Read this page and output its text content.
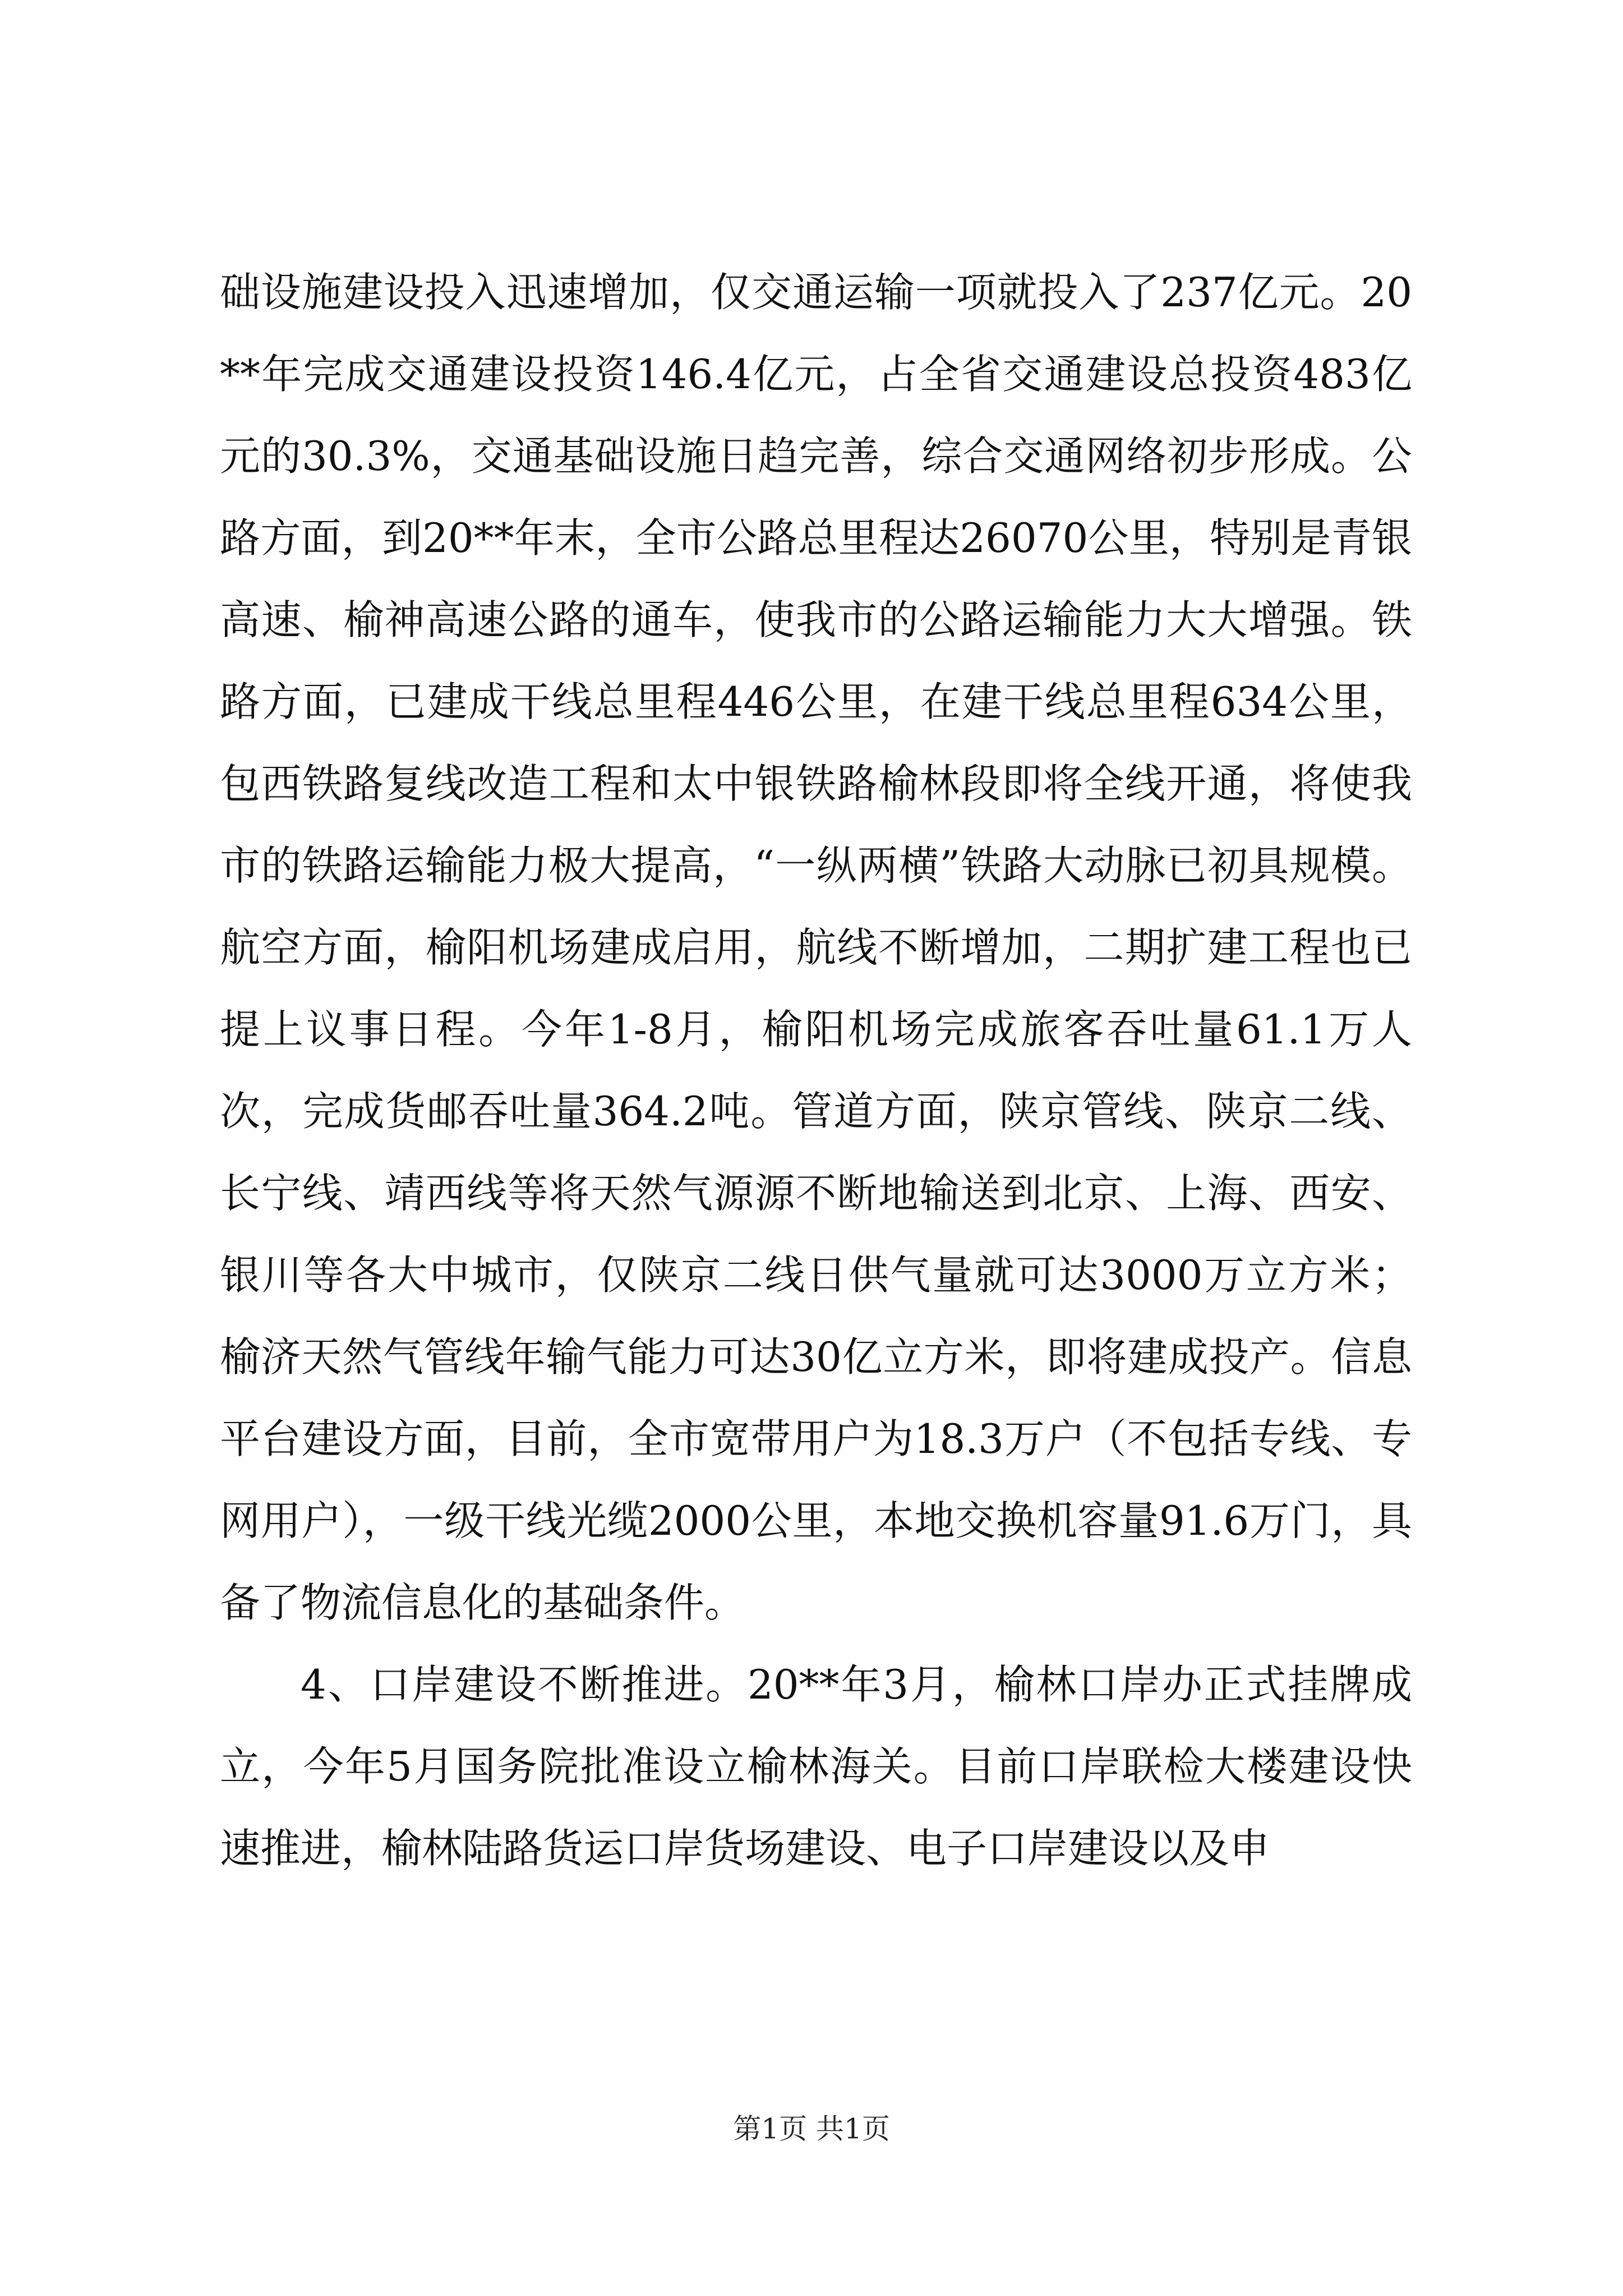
础设施建设投入迅速增加，仅交通运输一项就投入了237亿元。20**年完成交通建设投资146.4亿元，占全省交通建设总投资483亿元的30.3%，交通基础设施日趋完善，综合交通网络初步形成。公路方面，到20**年末，全市公路总里程达26070公里，特别是青银高速、榆神高速公路的通车，使我市的公路运输能力大大增强。铁路方面，已建成干线总里程446公里，在建干线总里程634公里，包西铁路复线改造工程和太中银铁路榆林段即将全线开通，将使我市的铁路运输能力极大提高，“一纵两横”铁路大动脉已初具规模。航空方面，榆阳机场建成启用，航线不断增加，二期扩建工程也已提上议事日程。今年1-8月，榆阳机场完成旅客吞吐量61.1万人次，完成货邮吞吐量364.2吨。管道方面，陕京管线、陕京二线、长宁线、靖西线等将天然气源源不断地输送到北京、上海、西安、银川等各大中城市，仅陕京二线日供气量就可达3000万立方米；榆济天然气管线年输气能力可达30亿立方米，即将建成投产。信息平台建设方面，目前，全市宽带用户为18.3万户（不包括专线、专网用户），一级干线光缆2000公里，本地交换机容量91.6万门，具备了物流信息化的基础条件。

4、口岸建设不断推进。20**年3月，榆林口岸办正式挂牌成立，今年5月国务院批准设立榆林海关。目前口岸联检大楼建设快速推进，榆林陆路货运口岸货场建设、电子口岸建设以及申

第1页 共1页
